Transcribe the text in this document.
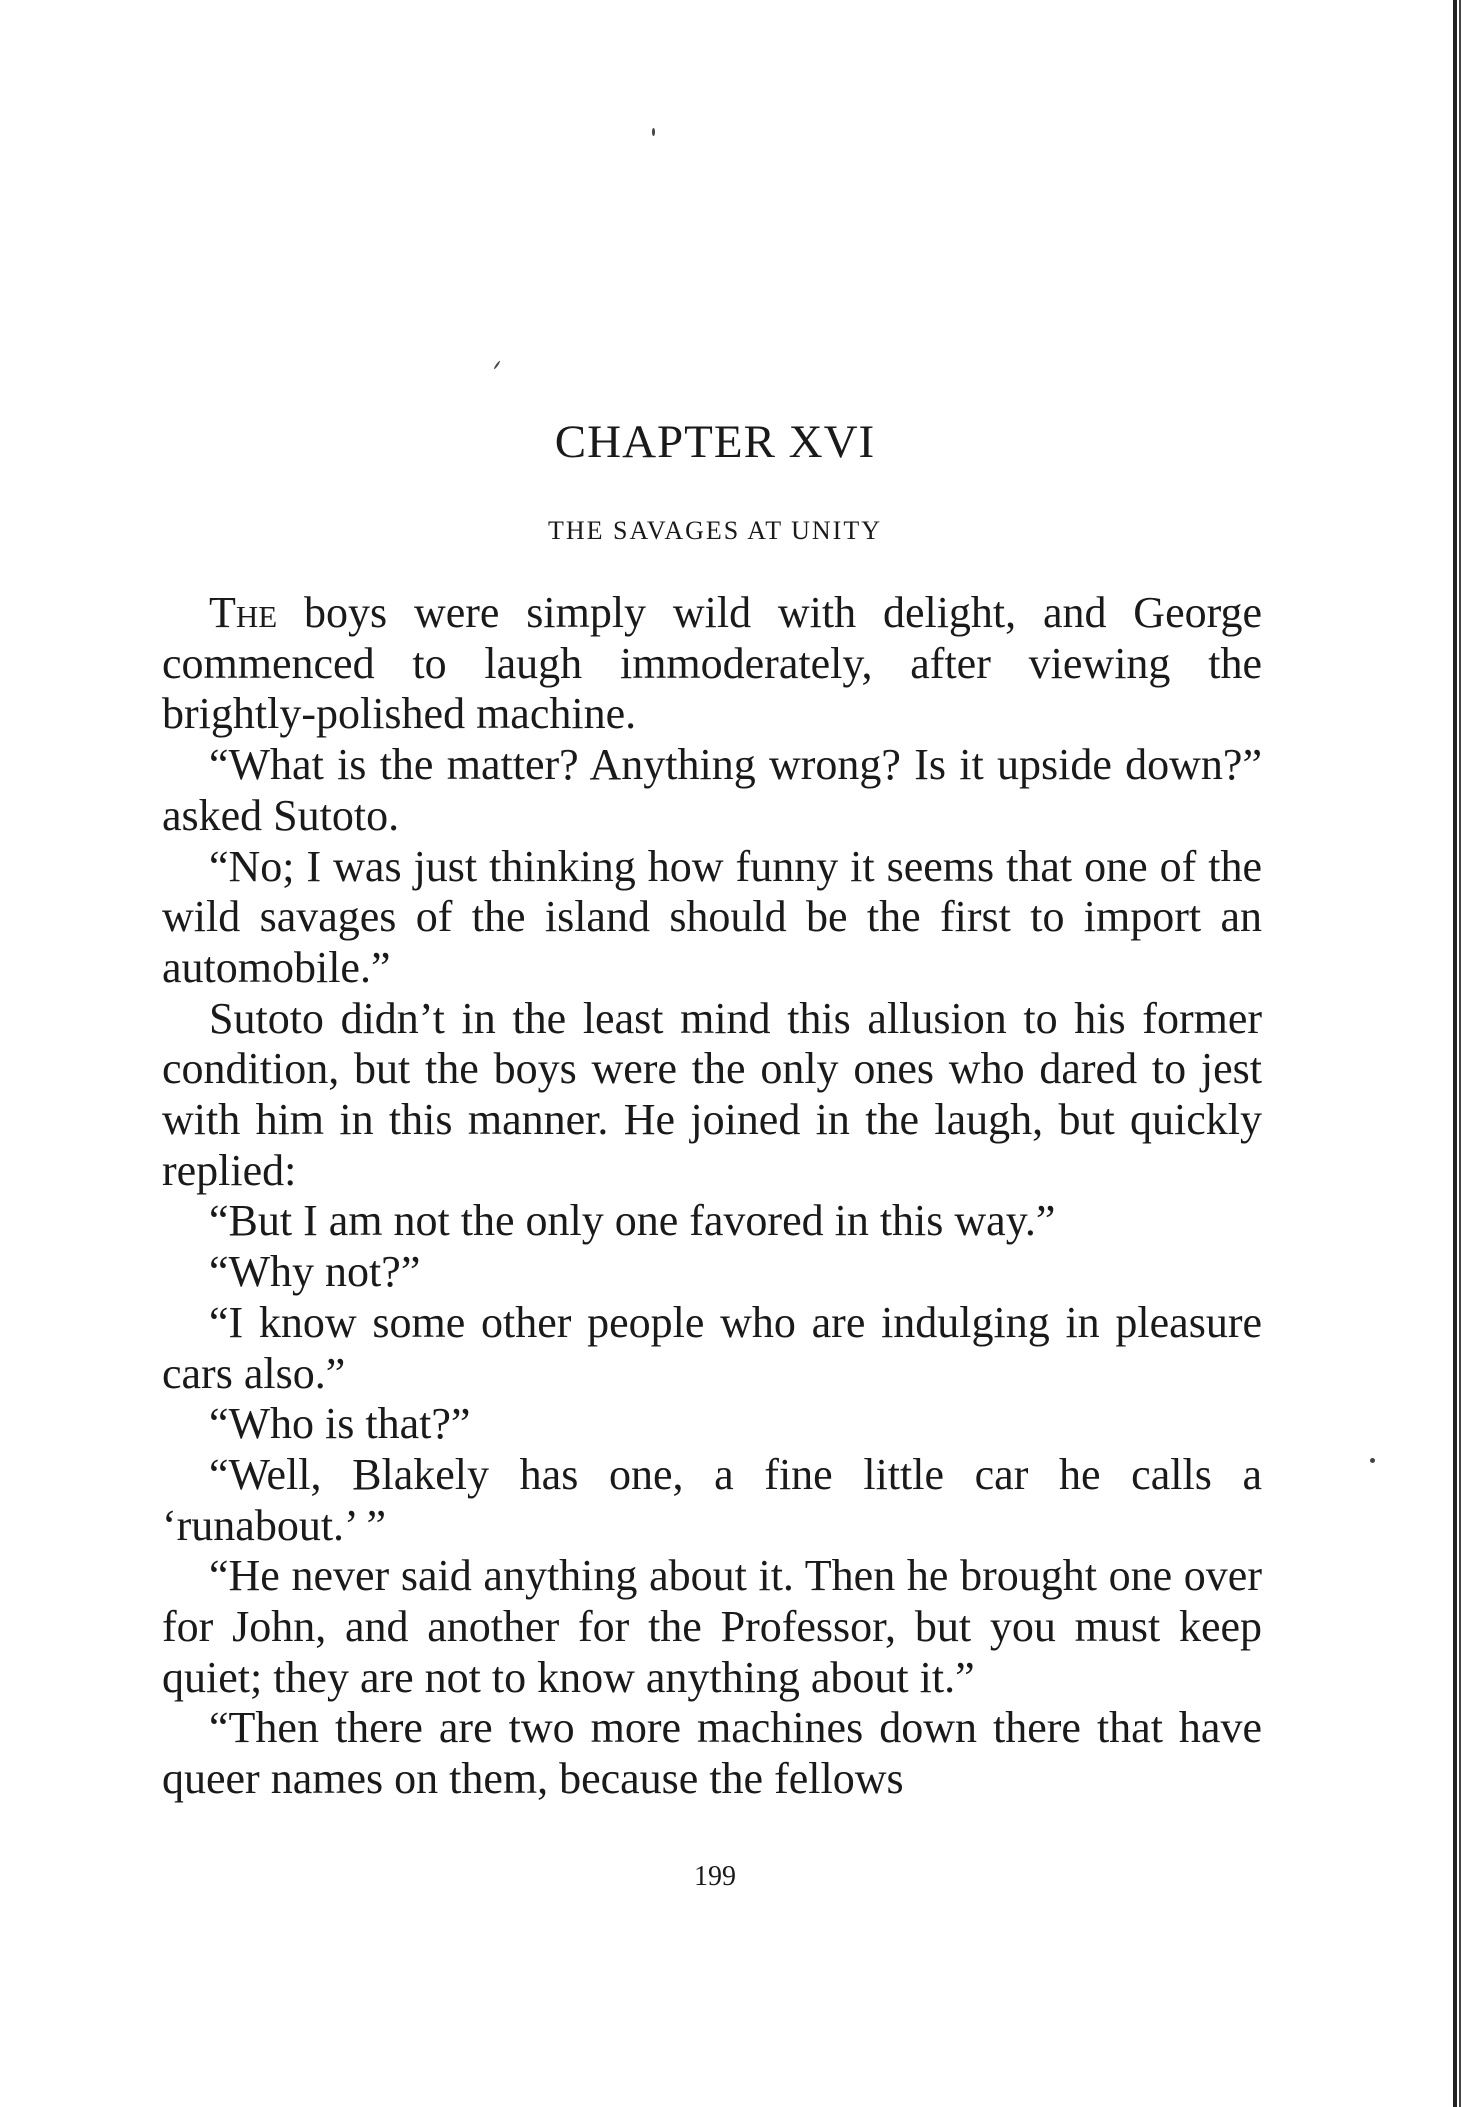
CHAPTER XVI
THE SAVAGES AT UNITY

The boys were simply wild with delight, and George commenced to laugh immoderately, after viewing the brightly-polished machine.

“What is the matter? Anything wrong? Is it upside down?” asked Sutoto.

“No; I was just thinking how funny it seems that one of the wild savages of the island should be the first to import an automobile.”

Sutoto didn’t in the least mind this allusion to his former condition, but the boys were the only ones who dared to jest with him in this manner. He joined in the laugh, but quickly replied:

“But I am not the only one favored in this way.”

“Why not?”

“I know some other people who are indulging in pleasure cars also.”

“Who is that?”

“Well, Blakely has one, a fine little car he calls a ‘runabout.’ ”

“He never said anything about it. Then he brought one over for John, and another for the Professor, but you must keep quiet; they are not to know anything about it.”

“Then there are two more machines down there that have queer names on them, because the fellows

199
